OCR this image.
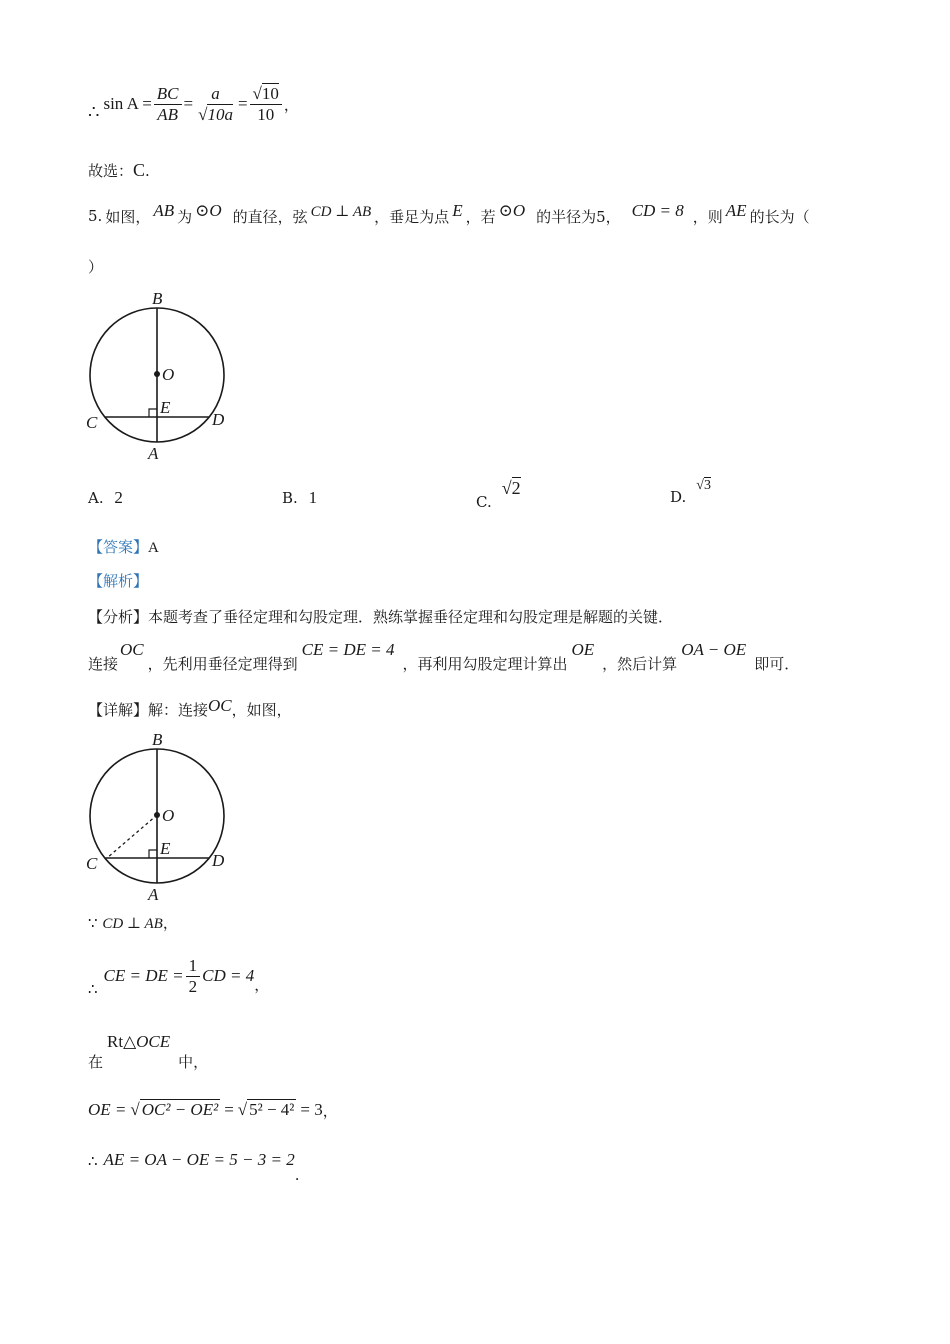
∴ $\sin A = \frac{BC}{AB} = \frac{a}{√10a} = \frac{√10}{10}$ ，
故选：C.
5. 如图， AB 为 ⊙O 的直径，弦 CD ⊥ AB ，垂足为点 E ，若 ⊙O 的半径为5， CD = 8 ，则 AE 的长为（
）
B
O
E
C	D
A
A. 2	B. 1	C.
√2	D.
√3
【答案】A
【解析】
【分析】本题考查了垂径定理和勾股定理．熟练掌握垂径定理和勾股定理是解题的关键．
连接
OC
，先利用垂径定理得到
CE = DE = 4
，再利用勾股定理计算出
OE
，然后计算
OA − OE
即可．
【详解】 解：连接 OC ，如图，
B
O
E
C	D
A
∵ CD ⊥ AB，
∴
CE = DE = $\frac{1}{2}$ CD = 4 ，
在
Rt△OCE
中，
OE = √ OC² − OE² = √ 5² − 4² = 3 ，
∴ AE = OA − OE = 5 − 3 = 2
.
